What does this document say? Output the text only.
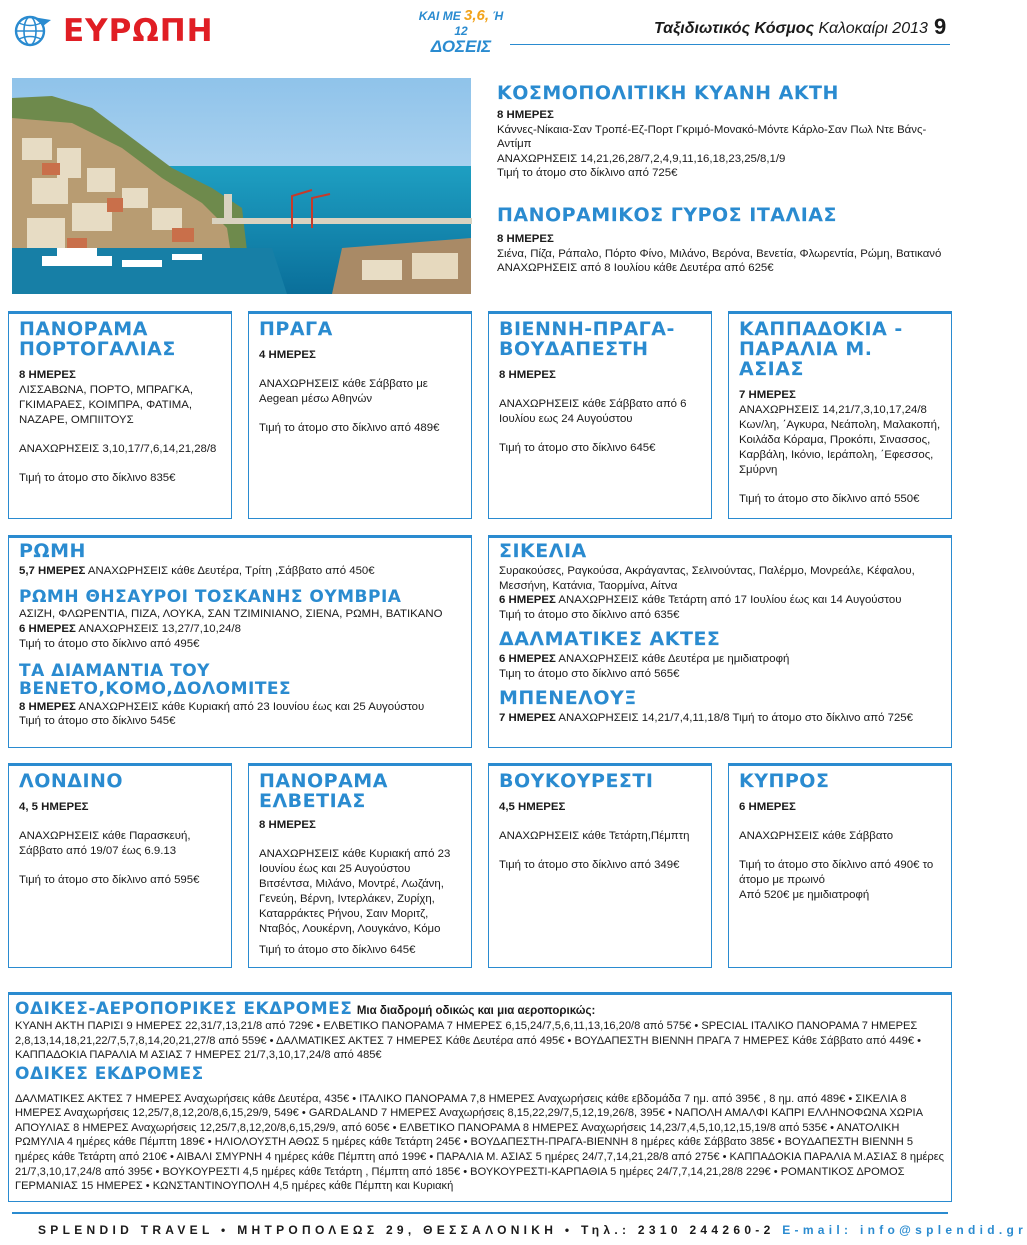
ΕΥΡΩΠΗ	ΚΑΙ ΜΕ 3,6, Ή 12
ΔΟΣΕΙΣ
Ταξιδιωτικός Κόσμος Καλοκαίρι 2013 9
ΚΟΣΜΟΠΟΛΙΤΙΚΗ ΚΥΑΝΗ ΑΚΤΗ
8 ΗΜΕΡΕΣ
Κάννες-Νίκαια-Σαν Τροπέ-Εζ-Πορτ Γκριμό-Μονακό-Μόντε Κάρλο-Σαν Πωλ Ντε Βάνς-Αντίμπ
ΑΝΑΧΩΡΗΣΕΙΣ 14,21,26,28/7,2,4,9,11,16,18,23,25/8,1/9
Τιμή το άτομο στο δίκλινο από 725€
ΠΑΝΟΡΑΜΙΚΟΣ ΓΥΡΟΣ ΙΤΑΛΙΑΣ
8 ΗΜΕΡΕΣ
Σιένα, Πίζα, Ράπαλο, Πόρτο Φίνο, Μιλάνο, Βερόνα, Βενετία, Φλωρεντία, Ρώμη, Βατικανό
ΑΝΑΧΩΡΗΣΕΙΣ από 8 Ιουλίου κάθε Δευτέρα από 625€
ΠΑΝΟΡΑΜΑ ΠΟΡΤΟΓΑΛΙΑΣ

8 ΗΜΕΡΕΣ

ΛΙΣΣΑΒΩΝΑ, ΠΟΡΤΟ, ΜΠΡΑΓΚΑ, ΓΚΙΜΑΡΑΕΣ, ΚΟΙΜΠΡΑ, ΦΑΤΙΜΑ, ΝΑΖΑΡΕ, ΟΜΠΙΙΤΟΥΣ

ΑΝΑΧΩΡΗΣΕΙΣ 3,10,17/7,6,14,21,28/8

Τιμή το άτομο στο δίκλινο 835€

ΠΡΑΓΑ

4 ΗΜΕΡΕΣ

ΑΝΑΧΩΡΗΣΕΙΣ κάθε Σάββατο με Aegean μέσω Αθηνών

Τιμή το άτομο στο δίκλινο από 489€

ΒΙΕΝΝΗ-ΠΡΑΓΑ-ΒΟΥΔΑΠΕΣΤΗ

8 ΗΜΕΡΕΣ

ΑΝΑΧΩΡΗΣΕΙΣ κάθε Σάββατο από 6 Ιουλίου εως 24 Αυγούστου

Τιμή το άτομο στο δίκλινο 645€

ΚΑΠΠΑΔΟΚΙΑ - ΠΑΡΑΛΙΑ Μ. ΑΣΙΑΣ

7 ΗΜΕΡΕΣ

ΑΝΑΧΩΡΗΣΕΙΣ 14,21/7,3,10,17,24/8 Κων/λη, ΄Αγκυρα, Νεάπολη, Μαλακοπή, Κοιλάδα Κόραμα, Προκόπι, Σινασσος, Καρβάλη, Ικόνιο, Ιεράπολη, ΄Εφεσσος, Σμύρνη

Τιμή το άτομο στο δίκλινο από 550€

ΡΩΜΗ
5,7 ΗΜΕΡΕΣ ΑΝΑΧΩΡΗΣΕΙΣ κάθε Δευτέρα, Τρίτη ,Σάββατο από 450€
ΡΩΜΗ ΘΗΣΑΥΡΟΙ ΤΟΣΚΑΝΗΣ ΟΥΜΒΡΙΑ
ΑΣΙΖΗ, ΦΛΩΡΕΝΤΙΑ, ΠΙΖΑ, ΛΟΥΚΑ, ΣΑΝ ΤΖΙΜΙΝΙΑΝΟ, ΣΙΕΝΑ, ΡΩΜΗ, ΒΑΤΙΚΑΝΟ
6 ΗΜΕΡΕΣ ΑΝΑΧΩΡΗΣΕΙΣ 13,27/7,10,24/8
Τιμή το άτομο στο δίκλινο από 495€
ΤΑ ΔΙΑΜΑΝΤΙΑ ΤΟΥ ΒΕΝΕΤΟ,ΚΟΜΟ,ΔΟΛΟΜΙΤΕΣ
8 ΗΜΕΡΕΣ ΑΝΑΧΩΡΗΣΕΙΣ κάθε Κυριακή από 23 Ιουνίου έως και 25 Αυγούστου
Τιμή το άτομο στο δίκλινο 545€
ΣΙΚΕΛΙΑ
Συρακούσες, Ραγκούσα, Ακράγαντας, Σελινούντας, Παλέρμο, Μονρεάλε, Κέφαλου, Μεσσήνη, Κατάνια, Ταορμίνα, Αίτνα
6 ΗΜΕΡΕΣ ΑΝΑΧΩΡΗΣΕΙΣ κάθε Τετάρτη από 17 Ιουλίου έως και 14 Αυγούστου
Τιμή το άτομο στο δίκλινο από 635€
ΔΑΛΜΑΤΙΚΕΣ ΑΚΤΕΣ
6 ΗΜΕΡΕΣ ΑΝΑΧΩΡΗΣΕΙΣ κάθε Δευτέρα με ημιδιατροφή
Τιμη το άτομο στο δίκλινο από 565€
ΜΠΕΝΕΛΟΥΞ
7 ΗΜΕΡΕΣ ΑΝΑΧΩΡΗΣΕΙΣ 14,21/7,4,11,18/8 Τιμή το άτομο στο δίκλινο από 725€
ΛΟΝΔΙΝΟ

4, 5 ΗΜΕΡΕΣ

ΑΝΑΧΩΡΗΣΕΙΣ κάθε Παρασκευή, Σάββατο από 19/07 έως 6.9.13

Τιμή το άτομο στο δίκλινο από 595€

ΠΑΝΟΡΑΜΑ ΕΛΒΕΤΙΑΣ

8 ΗΜΕΡΕΣ

ΑΝΑΧΩΡΗΣΕΙΣ κάθε Κυριακή από 23 Ιουνίου έως και 25 Αυγούστου Βιτσέντσα, Μιλάνο, Μοντρέ, Λωζάνη, Γενεύη, Βέρνη, Ιντερλάκεν, Ζυρίχη, Καταρράκτες Ρήνου, Σαιν Μοριτζ, Νταβός, Λουκέρνη, Λουγκάνο, Κόμο

Τιμή το άτομο στο δίκλινο 645€

ΒΟΥΚΟΥΡΕΣΤΙ

4,5 ΗΜΕΡΕΣ

ΑΝΑΧΩΡΗΣΕΙΣ κάθε Τετάρτη,Πέμπτη

Τιμή το άτομο στο δίκλινο από 349€

ΚΥΠΡΟΣ

6 ΗΜΕΡΕΣ

ΑΝΑΧΩΡΗΣΕΙΣ κάθε Σάββατο

Τιμή το άτομο στο δίκλινο από 490€ το άτομο με πρωινό

Από 520€ με ημιδιατροφή

ΟΔΙΚΕΣ-ΑΕΡΟΠΟΡΙΚΕΣ ΕΚΔΡΟΜΕΣ Μια διαδρομή οδικώς και μια αεροπορικώς:
ΚΥΑΝΗ ΑΚΤΗ ΠΑΡΙΣΙ 9 ΗΜΕΡΕΣ 22,31/7,13,21/8 από 729€ • ΕΛΒΕΤΙΚΟ ΠΑΝΟΡΑΜΑ 7 ΗΜΕΡΕΣ 6,15,24/7,5,6,11,13,16,20/8 από 575€ • SPECIAL ΙΤΑΛΙΚΟ ΠΑΝΟΡΑΜΑ 7 ΗΜΕΡΕΣ 2,8,13,14,18,21,22/7,5,7,8,14,20,21,27/8 από 559€ • ΔΑΛΜΑΤΙΚΕΣ ΑΚΤΕΣ 7 ΗΜΕΡΕΣ Κάθε Δευτέρα από 495€ • ΒΟΥΔΑΠΕΣΤΗ ΒΙΕΝΝΗ ΠΡΑΓΑ 7 ΗΜΕΡΕΣ Κάθε Σάββατο από 449€ • ΚΑΠΠΑΔΟΚΙΑ ΠΑΡΑΛΙΑ Μ ΑΣΙΑΣ 7 ΗΜΕΡΕΣ 21/7,3,10,17,24/8 από 485€
ΟΔΙΚΕΣ ΕΚΔΡΟΜΕΣ
ΔΑΛΜΑΤΙΚΕΣ ΑΚΤΕΣ 7 ΗΜΕΡΕΣ Αναχωρήσεις κάθε Δευτέρα, 435€ • ΙΤΑΛΙΚΟ ΠΑΝΟΡΑΜΑ 7,8 ΗΜΕΡΕΣ Αναχωρήσεις κάθε εβδομάδα 7 ημ. από 395€ , 8 ημ. από 489€ • ΣΙΚΕΛΙΑ 8 ΗΜΕΡΕΣ Αναχωρήσεις 12,25/7,8,12,20/8,6,15,29/9, 549€ • GARDALAND 7 ΗΜΕΡΕΣ Αναχωρήσεις 8,15,22,29/7,5,12,19,26/8, 395€ • ΝΑΠΟΛΗ ΑΜΑΛΦΙ ΚΑΠΡΙ ΕΛΛΗΝΟΦΩΝΑ ΧΩΡΙΑ ΑΠΟΥΛΙΑΣ 8 ΗΜΕΡΕΣ Αναχωρήσεις 12,25/7,8,12,20/8,6,15,29/9, από 605€ • ΕΛΒΕΤΙΚΟ ΠΑΝΟΡΑΜΑ 8 ΗΜΕΡΕΣ Αναχωρήσεις 14,23/7,4,5,10,12,15,19/8 από 535€ • ΑΝΑΤΟΛΙΚΗ ΡΩΜΥΛΙΑ 4 ημέρες κάθε Πέμπτη 189€ • ΗΛΙΟΛΟΥΣΤΗ ΑΘΩΣ 5 ημέρες κάθε Τετάρτη 245€ • ΒΟΥΔΑΠΕΣΤΗ-ΠΡΑΓΑ-ΒΙΕΝΝΗ 8 ημέρες κάθε Σάββατο 385€ • ΒΟΥΔΑΠΕΣΤΗ ΒΙΕΝΝΗ 5 ημέρες κάθε Τετάρτη από 210€ • ΑΙΒΑΛΙ ΣΜΥΡΝΗ 4 ημέρες κάθε Πέμπτη από 199€ • ΠΑΡΑΛΙΑ Μ. ΑΣΙΑΣ 5 ημέρες 24/7,7,14,21,28/8 από 275€ • ΚΑΠΠΑΔΟΚΙΑ ΠΑΡΑΛΙΑ Μ.ΑΣΙΑΣ 8 ημέρες 21/7,3,10,17,24/8 από 395€ • ΒΟΥΚΟΥΡΕΣΤΙ 4,5 ημέρες κάθε Τετάρτη , Πέμπτη από 185€ • ΒΟΥΚΟΥΡΕΣΤΙ-ΚΑΡΠΑΘΙΑ 5 ημέρες 24/7,7,14,21,28/8 229€ • ΡΟΜΑΝΤΙΚΟΣ ΔΡΟΜΟΣ ΓΕΡΜΑΝΙΑΣ 15 ΗΜΕΡΕΣ • ΚΩΝΣΤΑΝΤΙΝΟΥΠΟΛΗ 4,5 ημέρες κάθε Πέμπτη και Κυριακή
SPLENDID TRAVEL • ΜΗΤΡΟΠΟΛΕΩΣ 29, ΘΕΣΣΑΛΟΝΙΚΗ • Τηλ.: 2310 244260-2 E-mail: info@splendid.gr
